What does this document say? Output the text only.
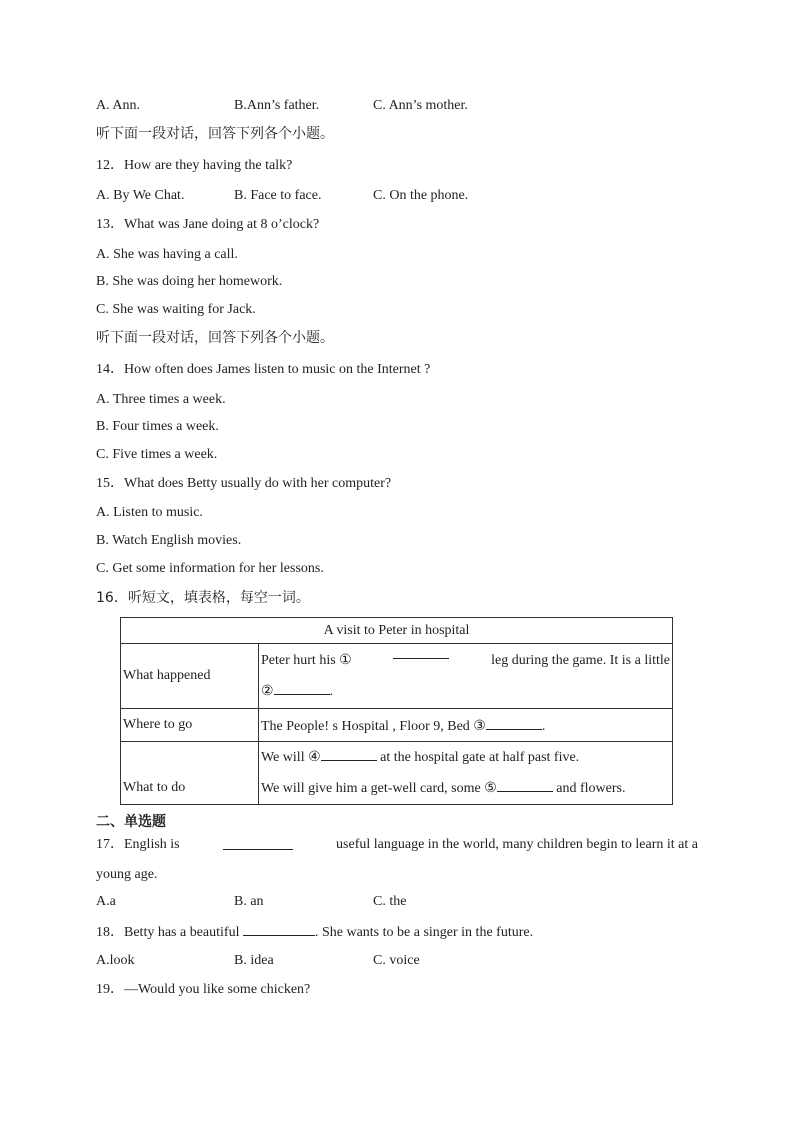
A. Ann.	B.Ann’s father.	C. Ann’s mother.
听下面一段对话，回答下列各个小题。
12．How are they having the talk?
A. By We Chat.	B. Face to face.	C. On the phone.
13．What was Jane doing at 8 o’clock?
A. She was having a call.
B. She was doing her homework.
C. She was waiting for Jack.
听下面一段对话，回答下列各个小题。
14．How often does James listen to music on the Internet ?
A. Three times a week.
B. Four times a week.
C. Five times a week.
15．What does Betty usually do with her computer?
A. Listen to music.
B. Watch English movies.
C. Get some information for her lessons.
16．听短文，填表格，每空一词。
A visit to Peter in hospital	
What happened	Peter hurt his ① leg during the game. It is a little
② .

Where to go	The People! s Hospital , Floor 9, Bed ③ .
What to do	We will ④ at the hospital gate at half past five.
We will give him a get-well card, some ⑤ and flowers.
二、单选题
17．English is	useful language in the world, many children begin to learn it at a
young age.
A.a	B. an	C. the
18．Betty has a beautiful	. She wants to be a singer in the future.
A.look	B. idea	C. voice
19．—Would you like some chicken?
